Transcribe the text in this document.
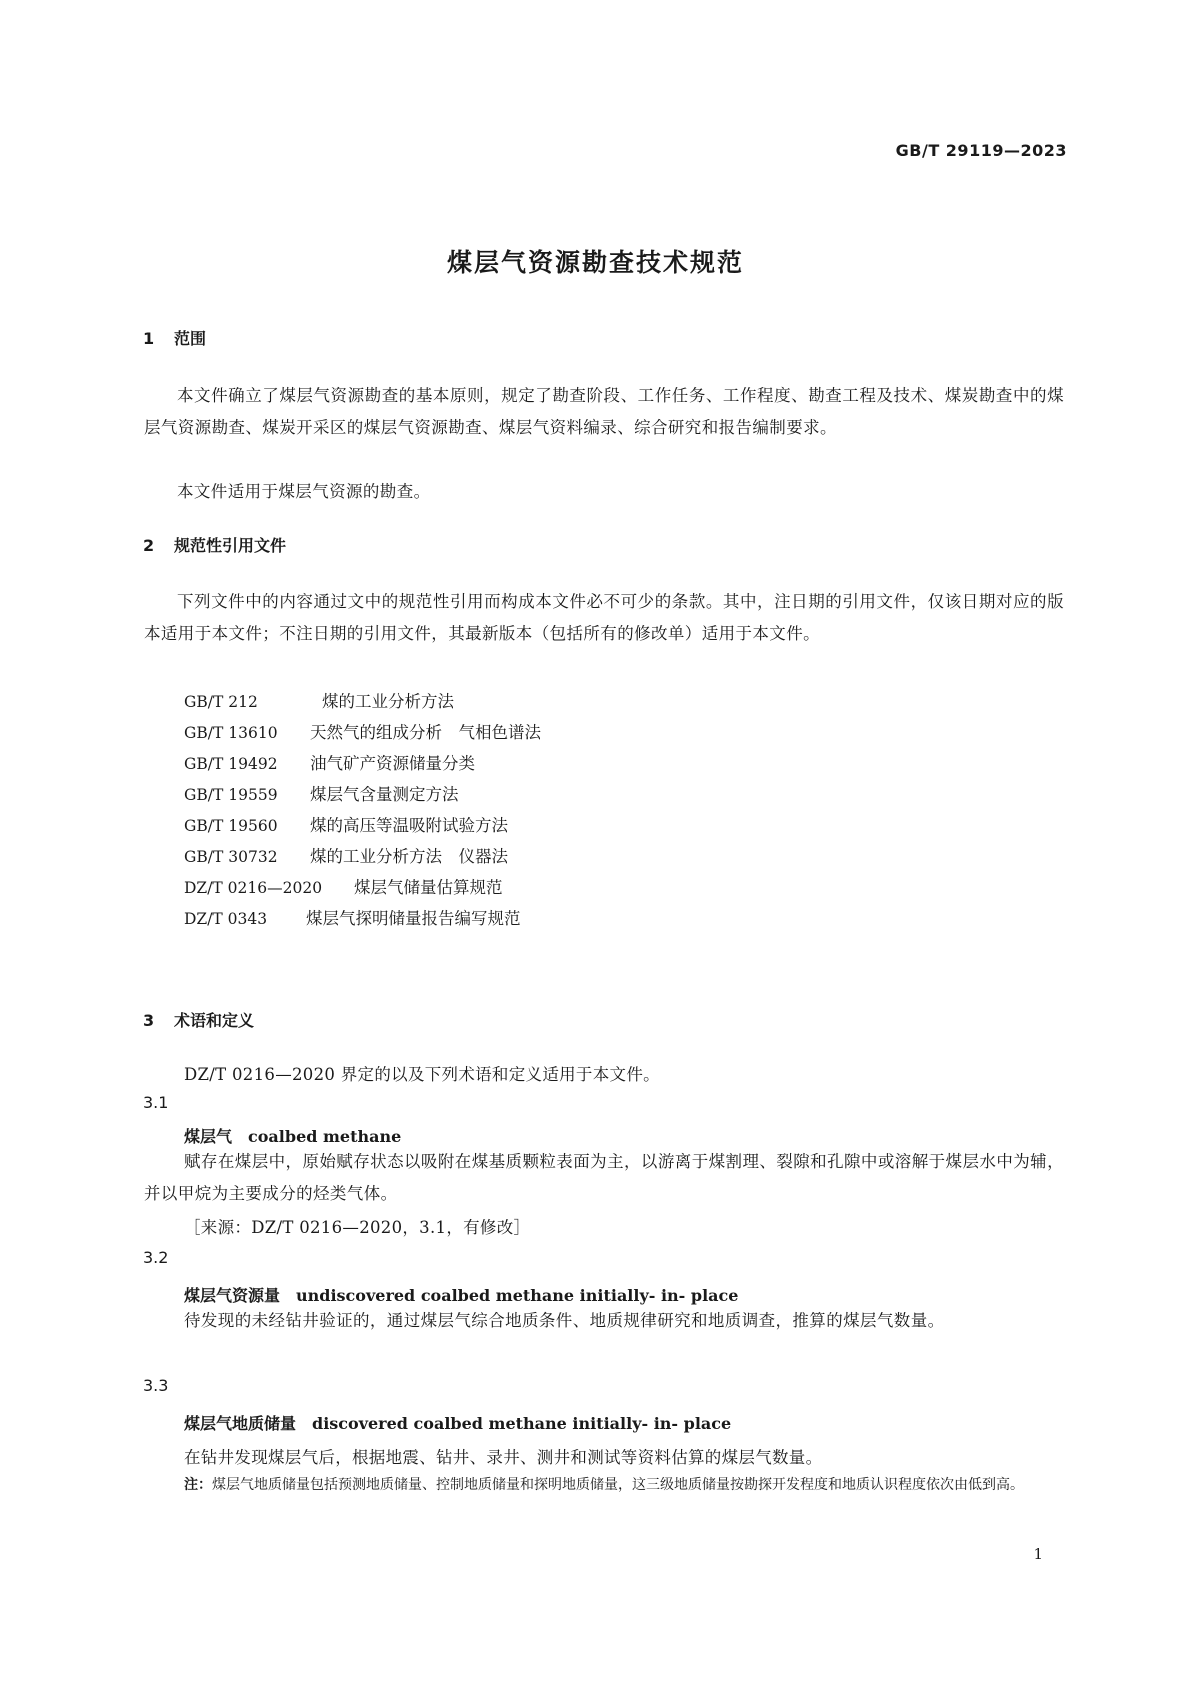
GB/T 29119—2023
煤层气资源勘查技术规范
1 范围
本文件确立了煤层气资源勘查的基本原则，规定了勘查阶段、工作任务、工作程度、勘查工程及技术、煤炭勘查中的煤层气资源勘查、煤炭开采区的煤层气资源勘查、煤层气资料编录、综合研究和报告编制要求。
本文件适用于煤层气资源的勘查。
2 规范性引用文件
下列文件中的内容通过文中的规范性引用而构成本文件必不可少的条款。其中，注日期的引用文件，仅该日期对应的版本适用于本文件；不注日期的引用文件，其最新版本（包括所有的修改单）适用于本文件。
GB/T 212	煤的工业分析方法
GB/T 13610 天然气的组成分析　气相色谱法
GB/T 19492 油气矿产资源储量分类
GB/T 19559 煤层气含量测定方法
GB/T 19560 煤的高压等温吸附试验方法
GB/T 30732 煤的工业分析方法　仪器法
DZ/T 0216—2020 煤层气储量估算规范
DZ/T 0343 煤层气探明储量报告编写规范
3 术语和定义
DZ/T 0216—2020 界定的以及下列术语和定义适用于本文件。
3.1
煤层气 coalbed methane
赋存在煤层中，原始赋存状态以吸附在煤基质颗粒表面为主，以游离于煤割理、裂隙和孔隙中或溶解于煤层水中为辅，并以甲烷为主要成分的烃类气体。
［来源：DZ/T 0216—2020，3.1，有修改］
3.2
煤层气资源量 undiscovered coalbed methane initially- in- place
待发现的未经钻井验证的，通过煤层气综合地质条件、地质规律研究和地质调查，推算的煤层气数量。
3.3
煤层气地质储量 discovered coalbed methane initially- in- place
在钻井发现煤层气后，根据地震、钻井、录井、测井和测试等资料估算的煤层气数量。
注：煤层气地质储量包括预测地质储量、控制地质储量和探明地质储量，这三级地质储量按勘探开发程度和地质认识程度依次由低到高。
1
